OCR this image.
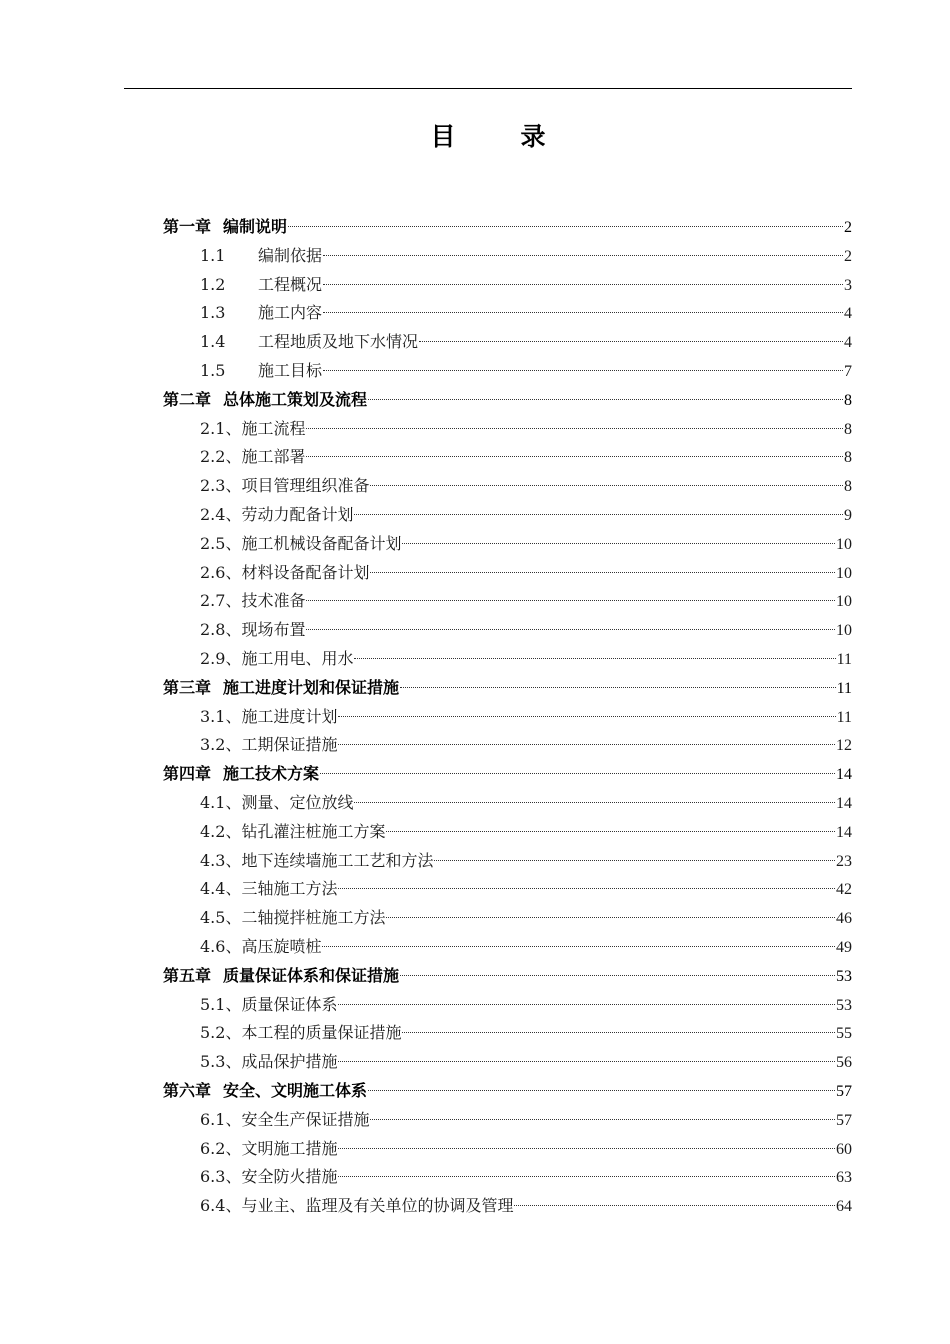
目录
第一章 编制说明	2
1.1 编制依据	2
1.2 工程概况	3
1.3 施工内容	4
1.4 工程地质及地下水情况	4
1.5 施工目标	7
第二章 总体施工策划及流程	8
2.1、施工流程	8
2.2、施工部署	8
2.3、项目管理组织准备	8
2.4、劳动力配备计划	9
2.5、施工机械设备配备计划	10
2.6、材料设备配备计划	10
2.7、技术准备	10
2.8、现场布置	10
2.9、施工用电、用水	11
第三章 施工进度计划和保证措施	11
3.1、施工进度计划	11
3.2、工期保证措施	12
第四章 施工技术方案	14
4.1、测量、定位放线	14
4.2、钻孔灌注桩施工方案	14
4.3、地下连续墙施工工艺和方法	23
4.4、三轴施工方法	42
4.5、二轴搅拌桩施工方法	46
4.6、高压旋喷桩	49
第五章 质量保证体系和保证措施	53
5.1、质量保证体系	53
5.2、本工程的质量保证措施	55
5.3、成品保护措施	56
第六章 安全、文明施工体系	57
6.1、安全生产保证措施	57
6.2、文明施工措施	60
6.3、安全防火措施	63
6.4、与业主、监理及有关单位的协调及管理	64
